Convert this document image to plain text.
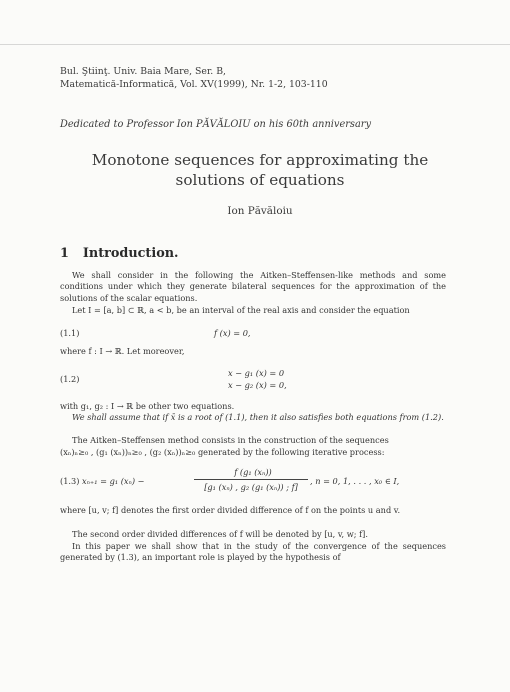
Bul. Ştiinţ. Univ. Baia Mare, Ser. B,
Matematică-Informatică, Vol. XV(1999), Nr. 1-2, 103-110
Dedicated to Professor Ion PĂVĂLOIU on his 60th anniversary
Monotone sequences for approximating the
solutions of equations
Ion Păvăloiu
1 Introduction.
We shall consider in the following the Aitken–Steffensen-like methods and some conditions under which they generate bilateral sequences for the approximation of the solutions of the scalar equations.
Let I = [a, b] ⊂ ℝ, a < b, be an interval of the real axis and consider the equation
(1.1)	f (x) = 0,
where f : I → ℝ. Let moreover,
(1.2)
x − g₁ (x) = 0
x − g₂ (x) = 0,
with g₁, g₂ : I → ℝ be other two equations.
We shall assume that if x̄ is a root of (1.1), then it also satisfies both equations from (1.2).
The Aitken–Steffensen method consists in the construction of the sequences
(xₙ)ₙ≥₀ , (g₁ (xₙ))ₙ≥₀ , (g₂ (xₙ))ₙ≥₀ generated by the following iterative process:
(1.3) xₙ₊₁ = g₁ (xₙ) −
f (g₁ (xₙ))
[g₁ (xₙ) , g₂ (g₁ (xₙ)) ; f]
, n = 0, 1, . . . , x₀ ∈ I,
where [u, v; f] denotes the first order divided difference of f on the points u and v.
The second order divided differences of f will be denoted by [u, v, w; f].
In this paper we shall show that in the study of the convergence of the sequences generated by (1.3), an important role is played by the hypothesis of
